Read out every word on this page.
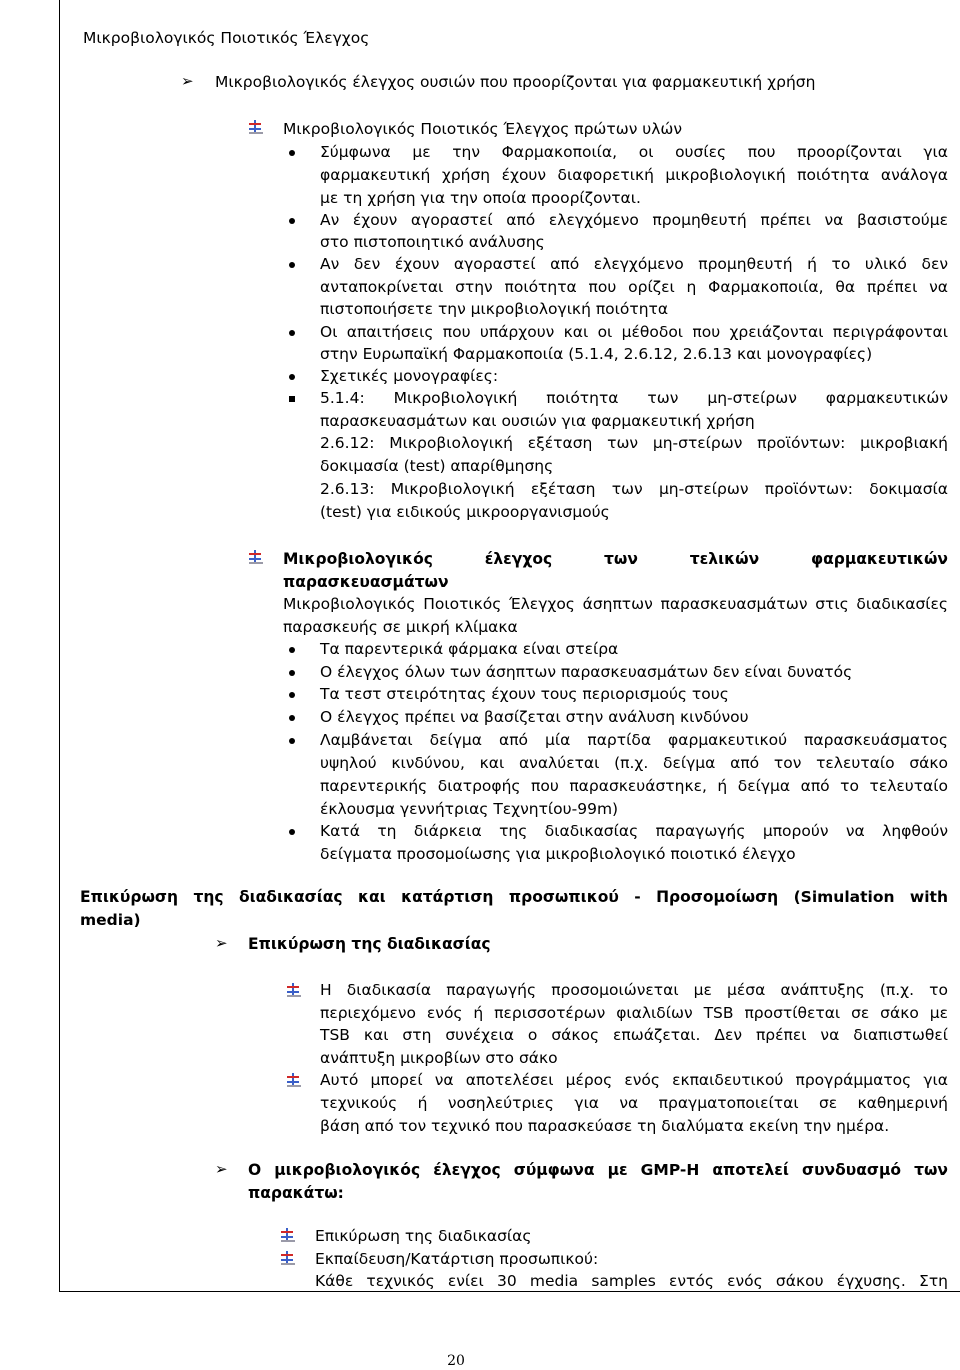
Μικροβιολογικός Ποιοτικός Έλεγχος
➢ Μικροβιολογικός έλεγχος ουσιών που προορίζονται για φαρμακευτική χρήση
Μικροβιολογικός Ποιοτικός Έλεγχος πρώτων υλών
Σύμφωνα με την Φαρμακοποιία, οι ουσίες που προορίζονται για
φαρμακευτική χρήση έχουν διαφορετική μικροβιολογική ποιότητα ανάλογα
με τη χρήση για την οποία προορίζονται.
Αν έχουν αγοραστεί από ελεγχόμενο προμηθευτή πρέπει να βασιστούμε
στο πιστοποιητικό ανάλυσης
Αν δεν έχουν αγοραστεί από ελεγχόμενο προμηθευτή ή το υλικό δεν
ανταποκρίνεται στην ποιότητα που ορίζει η Φαρμακοποιία, θα πρέπει να
πιστοποιήσετε την μικροβιολογική ποιότητα
Οι απαιτήσεις που υπάρχουν και οι μέθοδοι που χρειάζονται περιγράφονται
στην Ευρωπαϊκή Φαρμακοποιία (5.1.4, 2.6.12, 2.6.13 και μονογραφίες)
Σχετικές μονογραφίες:
5.1.4: Μικροβιολογική ποιότητα των μη-στείρων φαρμακευτικών
παρασκευασμάτων και ουσιών για φαρμακευτική χρήση
2.6.12: Μικροβιολογική εξέταση των μη-στείρων προϊόντων: μικροβιακή
δοκιμασία (test) απαρίθμησης
2.6.13: Μικροβιολογική εξέταση των μη-στείρων προϊόντων: δοκιμασία
(test) για ειδικούς μικροοργανισμούς
Μικροβιολογικός έλεγχος των τελικών φαρμακευτικών
παρασκευασμάτων
Μικροβιολογικός Ποιοτικός Έλεγχος άσηπτων παρασκευασμάτων στις διαδικασίες
παρασκευής σε μικρή κλίμακα
Τα παρεντερικά φάρμακα είναι στείρα
Ο έλεγχος όλων των άσηπτων παρασκευασμάτων δεν είναι δυνατός
Τα τεστ στειρότητας έχουν τους περιορισμούς τους
Ο έλεγχος πρέπει να βασίζεται στην ανάλυση κινδύνου
Λαμβάνεται δείγμα από μία παρτίδα φαρμακευτικού παρασκευάσματος
υψηλού κινδύνου, και αναλύεται (π.χ. δείγμα από τον τελευταίο σάκο
παρεντερικής διατροφής που παρασκευάστηκε, ή δείγμα από το τελευταίο
έκλουσμα γεννήτριας Τεχνητίου-99m)
Κατά τη διάρκεια της διαδικασίας παραγωγής μπορούν να ληφθούν
δείγματα προσομοίωσης για μικροβιολογικό ποιοτικό έλεγχο
Επικύρωση της διαδικασίας και κατάρτιση προσωπικού - Προσομοίωση (Simulation with
media)
➢ Επικύρωση της διαδικασίας
Η διαδικασία παραγωγής προσομοιώνεται με μέσα ανάπτυξης (π.χ. το
περιεχόμενο ενός ή περισσοτέρων φιαλιδίων TSB προστίθεται σε σάκο με
TSB και στη συνέχεια ο σάκος επωάζεται. Δεν πρέπει να διαπιστωθεί
ανάπτυξη μικροβίων στο σάκο
Αυτό μπορεί να αποτελέσει μέρος ενός εκπαιδευτικού προγράμματος για
τεχνικούς ή νοσηλεύτριες για να πραγματοποιείται σε καθημερινή
βάση από τον τεχνικό που παρασκεύασε τη διαλύματα εκείνη την ημέρα.
➢ Ο μικροβιολογικός έλεγχος σύμφωνα με GMP-H αποτελεί συνδυασμό των
παρακάτω:
Επικύρωση της διαδικασίας
Εκπαίδευση/Κατάρτιση προσωπικού:
Κάθε τεχνικός ενίει 30 media samples εντός ενός σάκου έγχυσης. Στη
20
